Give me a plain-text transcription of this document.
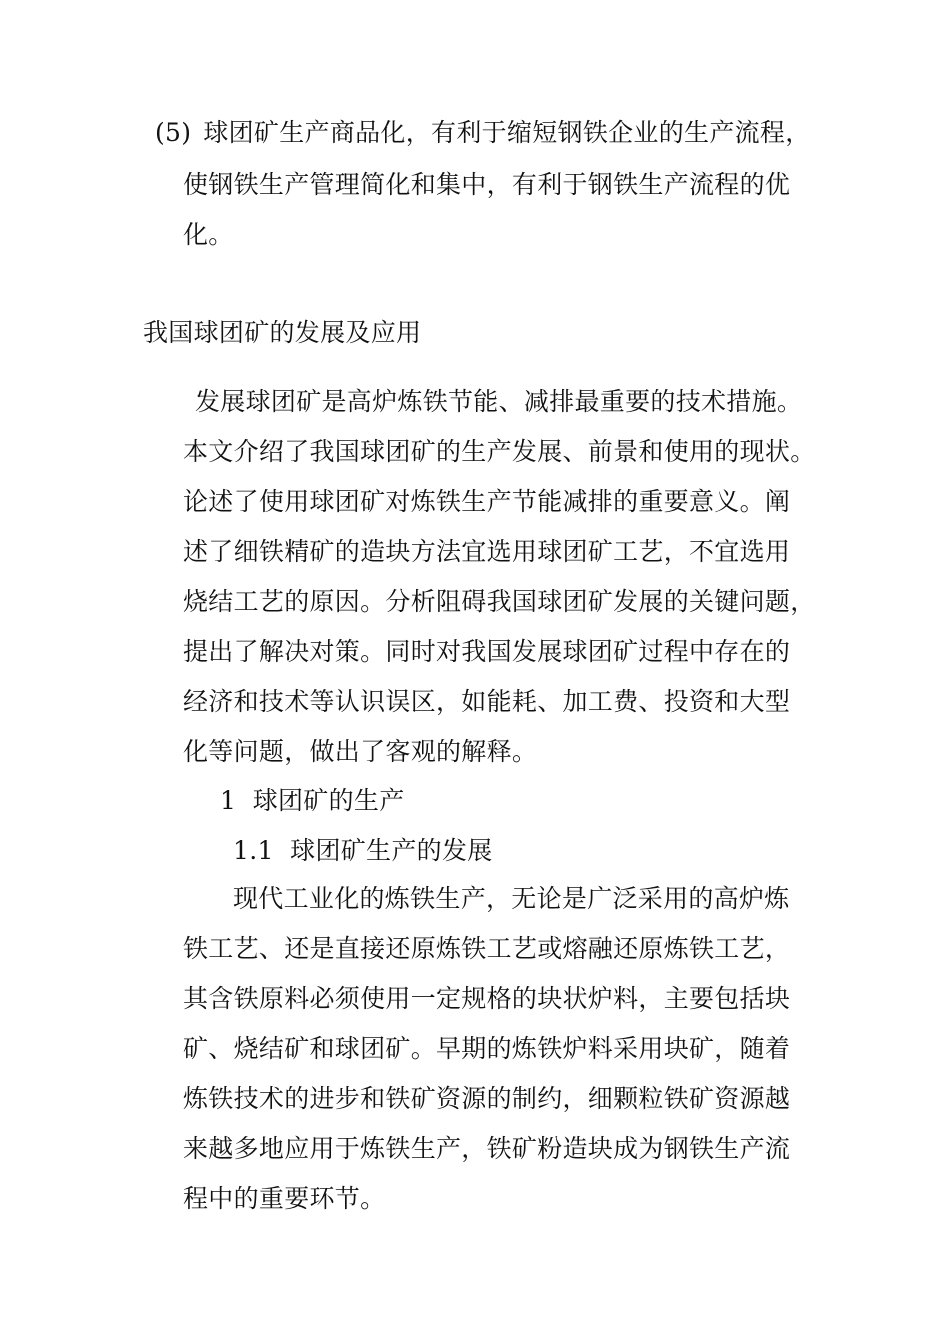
(5) 球团矿生产商品化，有利于缩短钢铁企业的生产流程，
使钢铁生产管理简化和集中，有利于钢铁生产流程的优
化。
我国球团矿的发展及应用
发展球团矿是高炉炼铁节能、减排最重要的技术措施。
本文介绍了我国球团矿的生产发展、前景和使用的现状。
论述了使用球团矿对炼铁生产节能减排的重要意义。阐
述了细铁精矿的造块方法宜选用球团矿工艺，不宜选用
烧结工艺的原因。分析阻碍我国球团矿发展的关键问题，
提出了解决对策。同时对我国发展球团矿过程中存在的
经济和技术等认识误区，如能耗、加工费、投资和大型
化等问题，做出了客观的解释。
1  球团矿的生产
1.1  球团矿生产的发展
现代工业化的炼铁生产，无论是广泛采用的高炉炼
铁工艺、还是直接还原炼铁工艺或熔融还原炼铁工艺，
其含铁原料必须使用一定规格的块状炉料，主要包括块
矿、烧结矿和球团矿。早期的炼铁炉料采用块矿，随着
炼铁技术的进步和铁矿资源的制约，细颗粒铁矿资源越
来越多地应用于炼铁生产，铁矿粉造块成为钢铁生产流
程中的重要环节。
